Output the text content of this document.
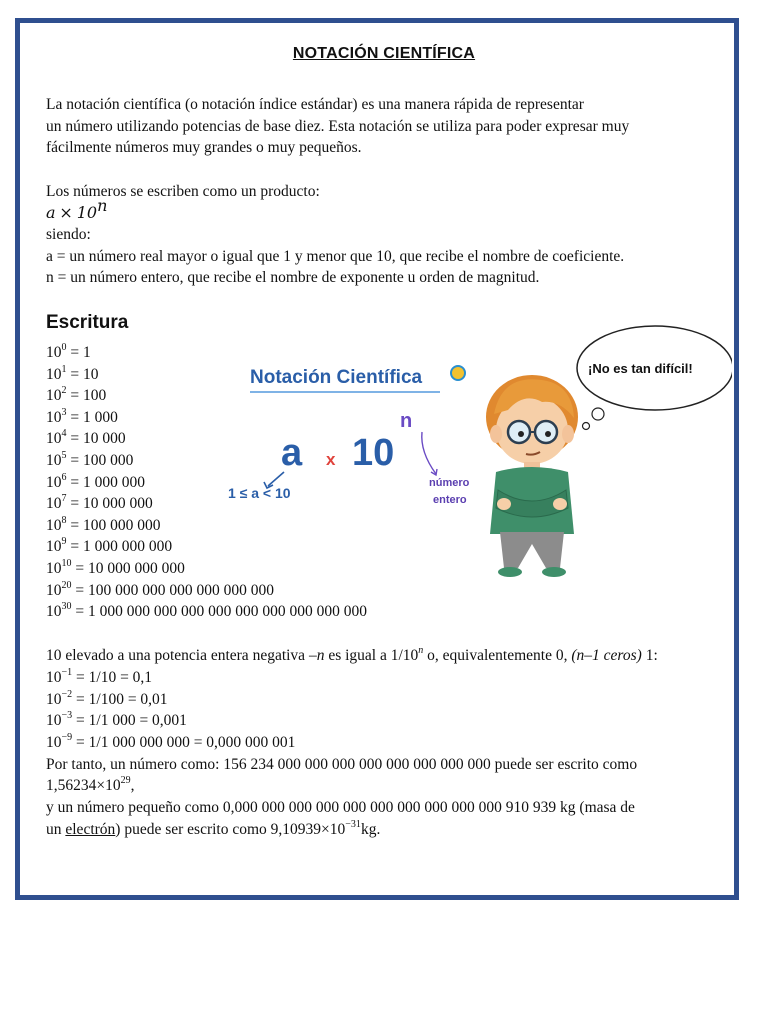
NOTACIÓN CIENTÍFICA
La notación científica (o notación índice estándar) es una manera rápida de representar
un número utilizando potencias de base diez. Esta notación se utiliza para poder expresar muy
fácilmente números muy grandes o muy pequeños.
Los números se escriben como un producto:
$a \times 10^n$
siendo:
a = un número real mayor o igual que 1 y menor que 10, que recibe el nombre de coeficiente.
n = un número entero, que recibe el nombre de exponente u orden de magnitud.
Escritura
$10^0 = 1$
$10^1 = 10$
$10^2 = 100$
$10^3 = 1$ 000
$10^4 = 10$ 000
$10^5 = 100$ 000
$10^6 = 1$ 000 000
$10^7 = 10$ 000 000
$10^8 = 100$ 000 000
$10^9 = 1$ 000 000 000
$10^{10} = 10$ 000 000 000
$10^{20} = 100$ 000 000 000 000 000 000
$10^{30} = 1$ 000 000 000 000 000 000 000 000 000 000
10 elevado a una potencia entera negativa –n es igual a 1/10$^n$ o, equivalentemente 0, (n–1 ceros) 1:
$10^{-1} = 1/10 = 0,1$
$10^{-2} = 1/100 = 0,01$
$10^{-3} = 1/1$ 000 = 0,001
$10^{-9} = 1/1$ 000 000 000 = 0,000 000 001
Por tanto, un número como: 156 234 000 000 000 000 000 000 000 000 puede ser escrito como
$1,56234\times 10^{29}$,
y un número pequeño como 0,000 000 000 000 000 000 000 000 000 000 910 939 kg (masa de
un electrón) puede ser escrito como $9,10939\times 10^{-31}kg$.
Notación Científica
a x 10
n
1 ≤ a < 10
número
entero
¡No es tan difícil!
